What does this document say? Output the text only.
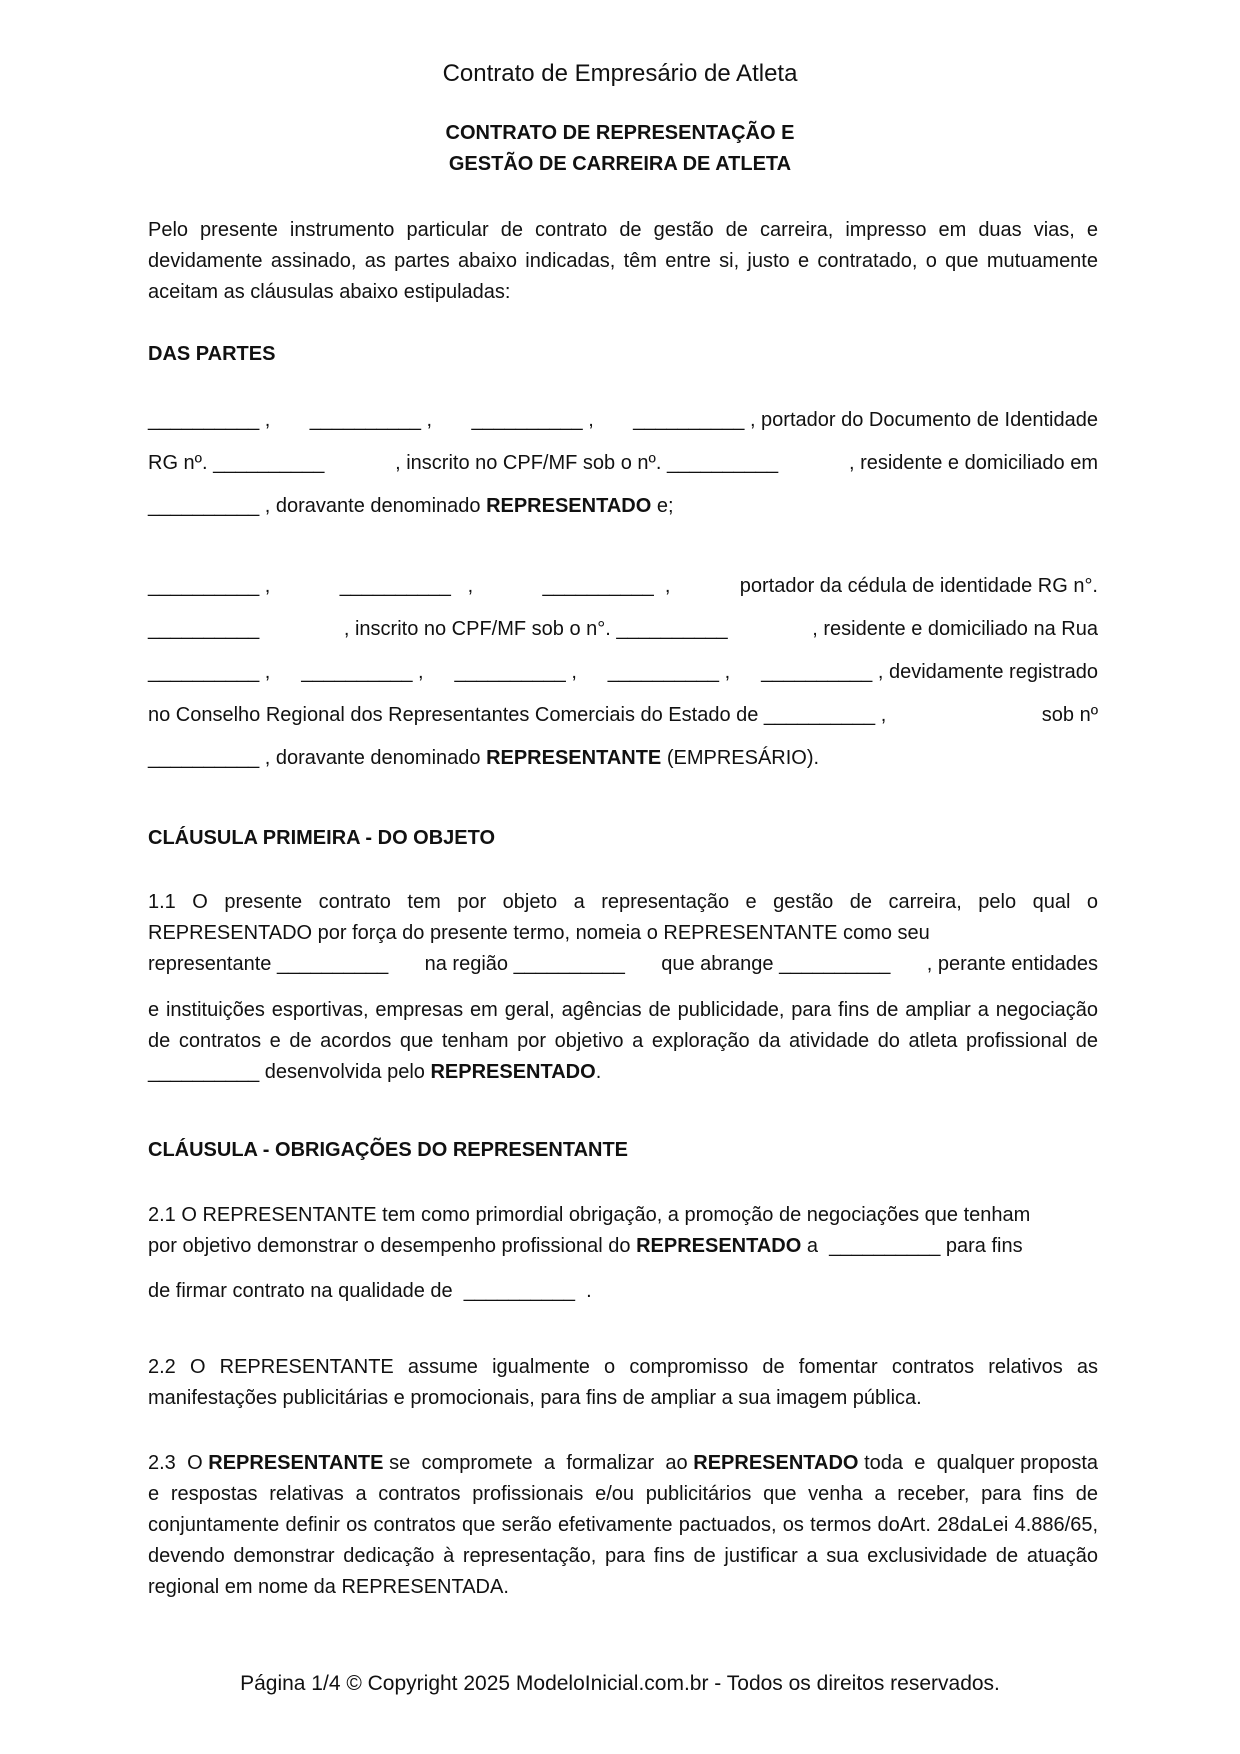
Contrato de Empresário de Atleta
CONTRATO DE REPRESENTAÇÃO E
GESTÃO DE CARREIRA DE ATLETA
Pelo presente instrumento particular de contrato de gestão de carreira, impresso em duas vias, e devidamente assinado, as partes abaixo indicadas, têm entre si, justo e contratado, o que mutuamente aceitam as cláusulas abaixo estipuladas:
DAS PARTES
__________ , __________ , __________ , __________ , portador do Documento de Identidade
RG nº. __________	, inscrito no CPF/MF sob o nº. __________	, residente e domiciliado em
__________ , doravante denominado REPRESENTADO e;
__________ ,	__________   ,	__________  ,	portador da cédula de identidade RG n°.
__________	, inscrito no CPF/MF sob o n°. __________	, residente e domiciliado na Rua
__________ , __________ , __________ , __________ , __________ , devidamente registrado
no Conselho Regional dos Representantes Comerciais do Estado de __________ ,	sob nº
__________ , doravante denominado REPRESENTANTE (EMPRESÁRIO).
CLÁUSULA PRIMEIRA - DO OBJETO
1.1 O presente contrato tem por objeto a representação e gestão de carreira, pelo qual o REPRESENTADO por força do presente termo, nomeia o REPRESENTANTE como seu
representante __________ na região __________ que abrange __________ , perante entidades
e instituições esportivas, empresas em geral, agências de publicidade, para fins de ampliar a negociação de contratos e de acordos que tenham por objetivo a exploração da atividade do atleta profissional de __________ desenvolvida pelo REPRESENTADO.
CLÁUSULA - OBRIGAÇÕES DO REPRESENTANTE
2.1 O REPRESENTANTE tem como primordial obrigação, a promoção de negociações que tenham
por objetivo demonstrar o desempenho profissional do REPRESENTADO a  __________ para fins
de firmar contrato na qualidade de  __________  .
2.2 O REPRESENTANTE assume igualmente o compromisso de fomentar contratos relativos as manifestações publicitárias e promocionais, para fins de ampliar a sua imagem pública.
2.3  O REPRESENTANTE se  compromete  a  formalizar  ao REPRESENTADO toda  e  qualquer proposta e respostas relativas a contratos profissionais e/ou publicitários que venha a receber, para fins de conjuntamente definir os contratos que serão efetivamente pactuados, os termos doArt. 28daLei 4.886/65, devendo demonstrar dedicação à representação, para fins de justificar a sua exclusividade de atuação regional em nome da REPRESENTADA.
Página 1/4 © Copyright 2025 ModeloInicial.com.br - Todos os direitos reservados.
